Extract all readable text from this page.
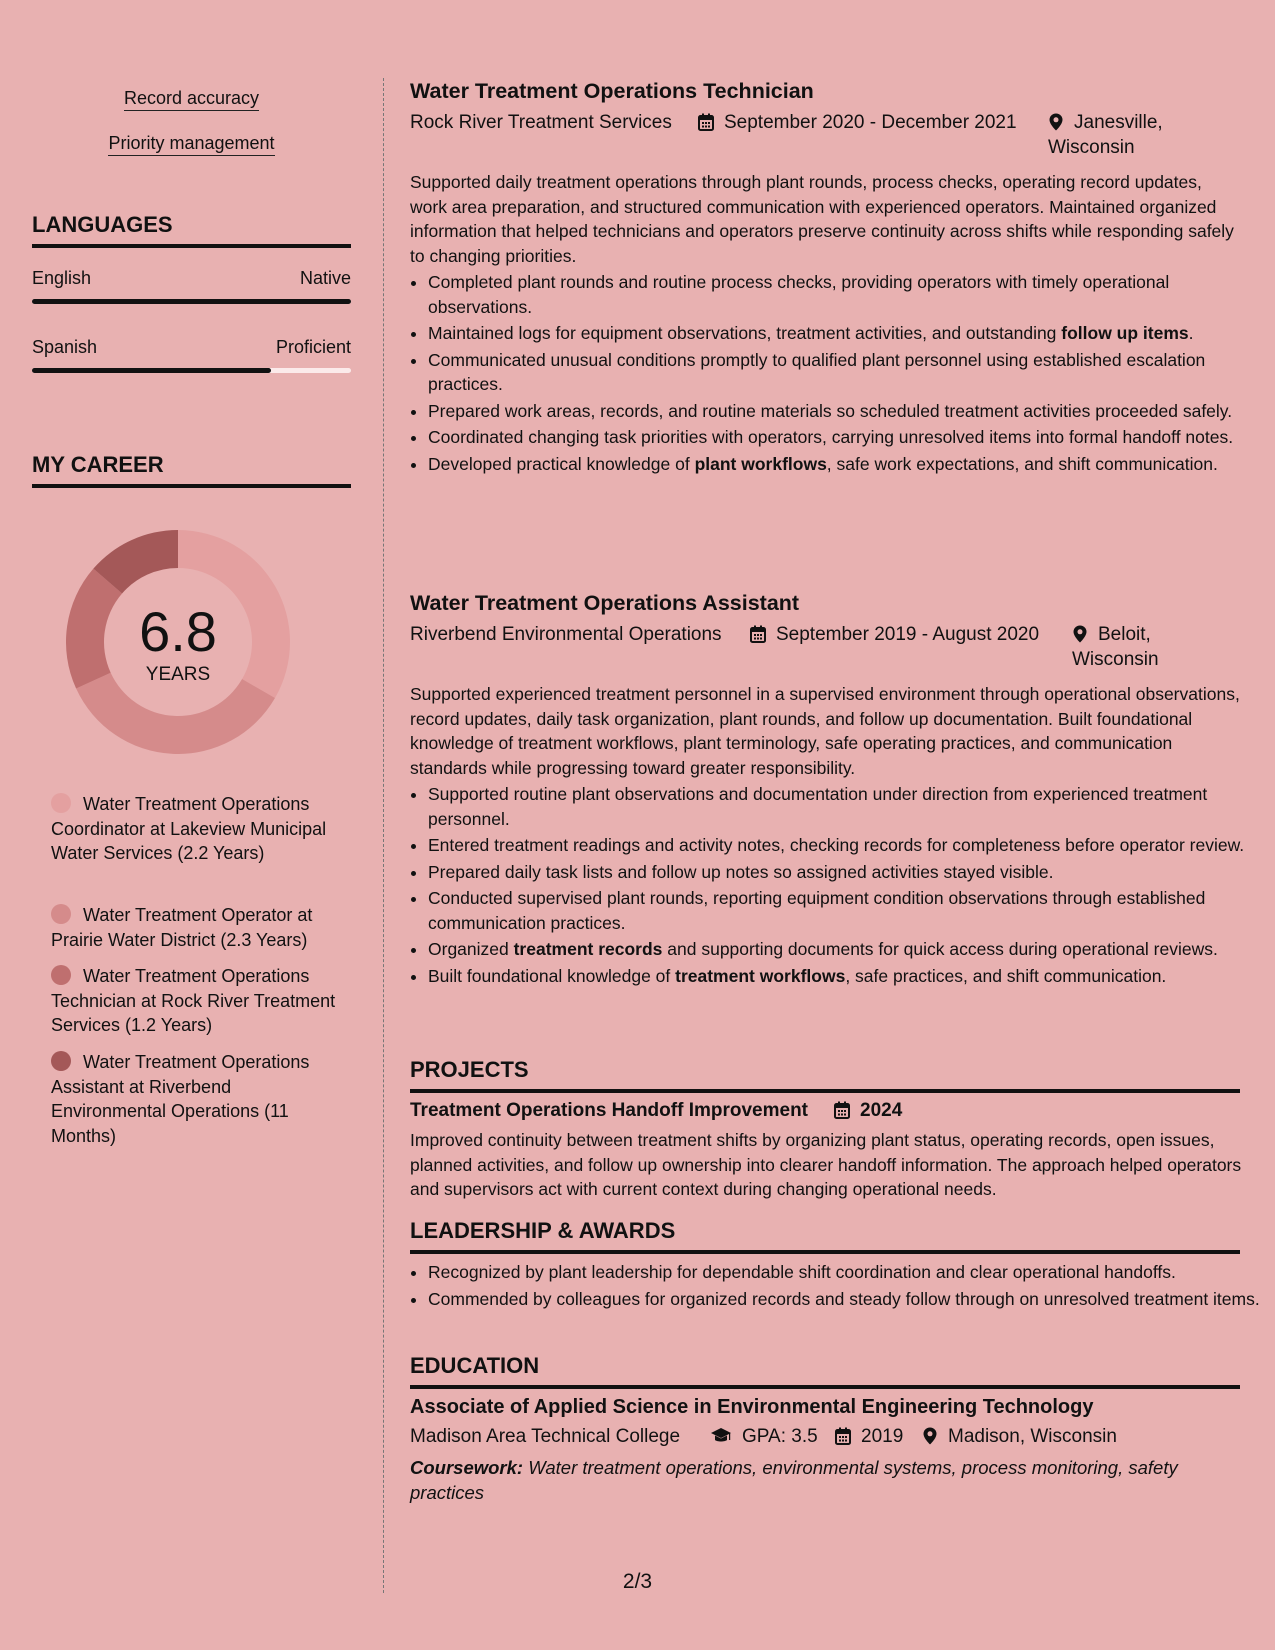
Record accuracy
Priority management
LANGUAGES
English	Native
Spanish	Proficient
MY CAREER
6.8
YEARS
Water Treatment Operations Coordinator at Lakeview Municipal Water Services (2.2 Years)
Water Treatment Operator at Prairie Water District (2.3 Years)
Water Treatment Operations Technician at Rock River Treatment Services (1.2 Years)
Water Treatment Operations Assistant at Riverbend Environmental Operations (11 Months)
Water Treatment Operations Technician
Rock River Treatment Services	September 2020 - December 2021	Janesville, Wisconsin

Supported daily treatment operations through plant rounds, process checks, operating record updates, work area preparation, and structured communication with experienced operators. Maintained organized information that helped technicians and operators preserve continuity across shifts while responding safely to changing priorities.

• Completed plant rounds and routine process checks, providing operators with timely operational observations.
• Maintained logs for equipment observations, treatment activities, and outstanding follow up items.
• Communicated unusual conditions promptly to qualified plant personnel using established escalation practices.
• Prepared work areas, records, and routine materials so scheduled treatment activities proceeded safely.
• Coordinated changing task priorities with operators, carrying unresolved items into formal handoff notes.
• Developed practical knowledge of plant workflows, safe work expectations, and shift communication.
Water Treatment Operations Assistant
Riverbend Environmental Operations	September 2019 - August 2020	Beloit, Wisconsin

Supported experienced treatment personnel in a supervised environment through operational observations, record updates, daily task organization, plant rounds, and follow up documentation. Built foundational knowledge of treatment workflows, plant terminology, safe operating practices, and communication standards while progressing toward greater responsibility.

• Supported routine plant observations and documentation under direction from experienced treatment personnel.
• Entered treatment readings and activity notes, checking records for completeness before operator review.
• Prepared daily task lists and follow up notes so assigned activities stayed visible.
• Conducted supervised plant rounds, reporting equipment condition observations through established communication practices.
• Organized treatment records and supporting documents for quick access during operational reviews.
• Built foundational knowledge of treatment workflows, safe practices, and shift communication.
PROJECTS
Treatment Operations Handoff Improvement	2024

Improved continuity between treatment shifts by organizing plant status, operating records, open issues, planned activities, and follow up ownership into clearer handoff information. The approach helped operators and supervisors act with current context during changing operational needs.

LEADERSHIP & AWARDS
• Recognized by plant leadership for dependable shift coordination and clear operational handoffs.
• Commended by colleagues for organized records and steady follow through on unresolved treatment items.
EDUCATION
Associate of Applied Science in Environmental Engineering Technology
Madison Area Technical College	GPA: 3.5	2019	Madison, Wisconsin

Coursework: Water treatment operations, environmental systems, process monitoring, safety practices

2/3
